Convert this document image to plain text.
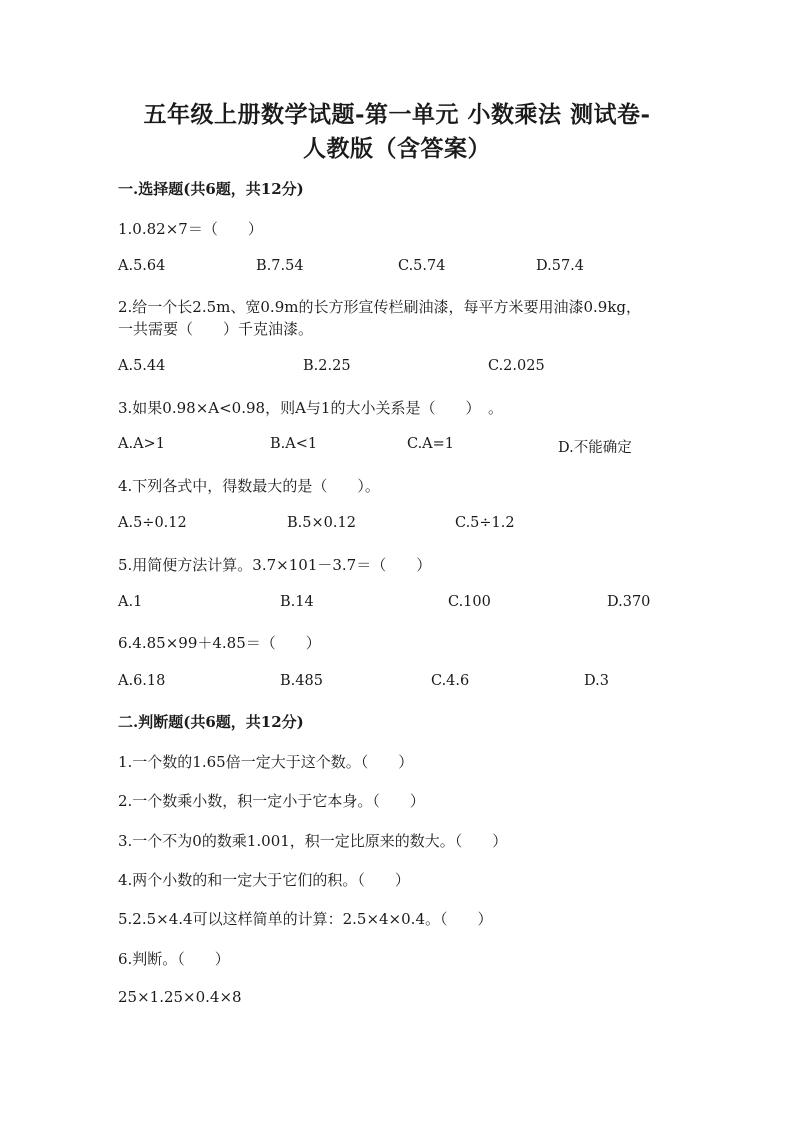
五年级上册数学试题-第一单元 小数乘法 测试卷-
人教版（含答案）
一.选择题(共6题，共12分)
1.0.82×7＝（　　）
A.5.64	B.7.54	C.5.74	D.57.4
2.给一个长2.5m、宽0.9m的长方形宣传栏刷油漆，每平方米要用油漆0.9kg，
一共需要（　　）千克油漆。
A.5.44	B.2.25	C.2.025
3.如果0.98×A<0.98，则A与1的大小关系是（　　）　。
A.A>1	B.A<1	C.A=1	D.不能确定
4.下列各式中，得数最大的是（　　）。
A.5÷0.12	B.5×0.12	C.5÷1.2
5.用简便方法计算。3.7×101－3.7＝（　　）
A.1	B.14	C.100	D.370
6.4.85×99＋4.85＝（　　）
A.6.18	B.485	C.4.6	D.3
二.判断题(共6题，共12分)
1.一个数的1.65倍一定大于这个数。（　　）
2.一个数乘小数，积一定小于它本身。（　　）
3.一个不为0的数乘1.001，积一定比原来的数大。（　　）
4.两个小数的和一定大于它们的积。（　　）
5.2.5×4.4可以这样简单的计算：2.5×4×0.4。（　　）
6.判断。（　　）
25×1.25×0.4×8
